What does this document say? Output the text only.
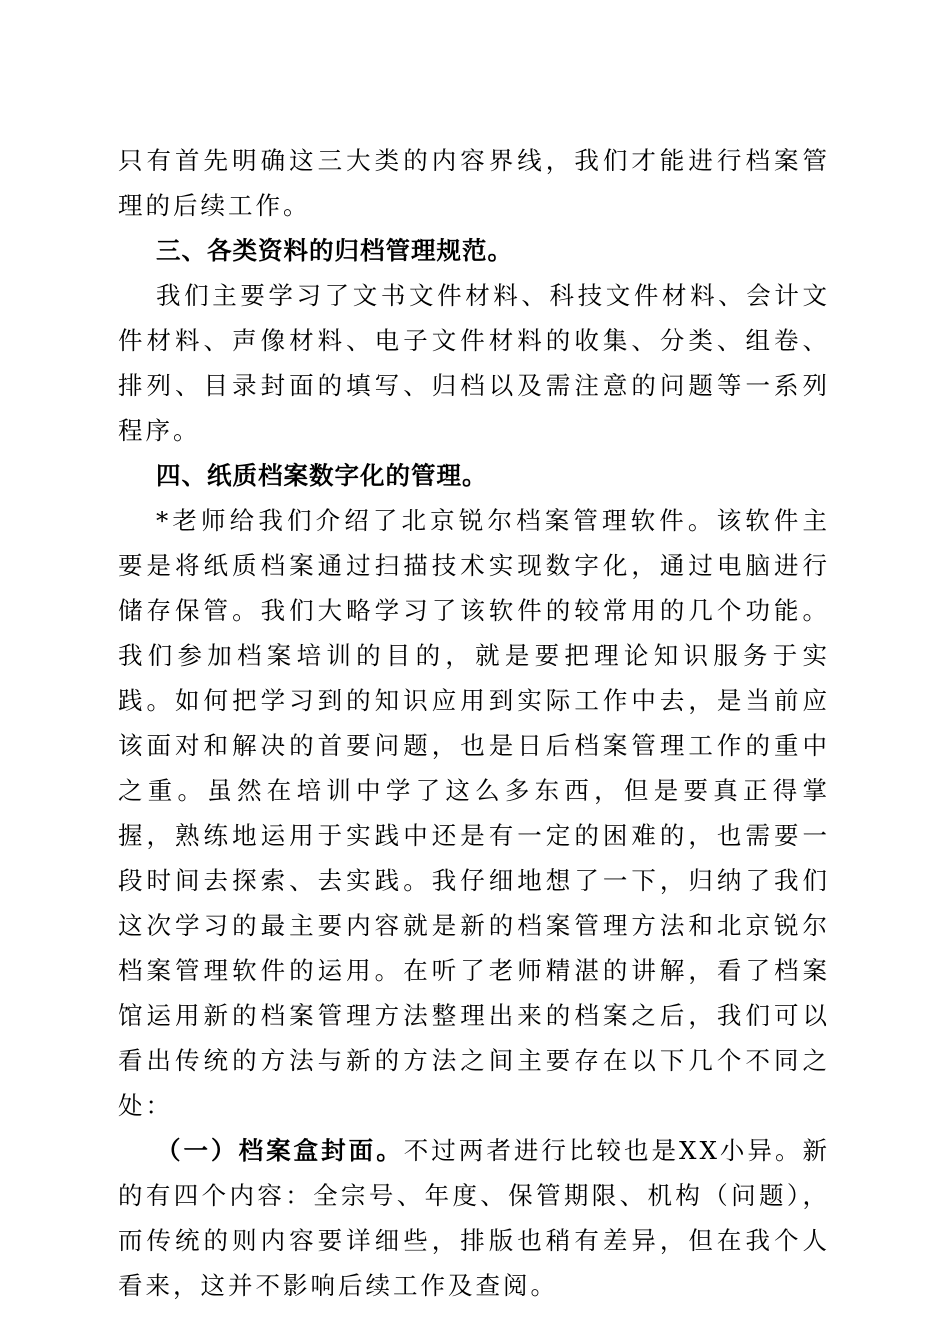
只有首先明确这三大类的内容界线，我们才能进行档案管理的后续工作。

三、各类资料的归档管理规范。

我们主要学习了文书文件材料、科技文件材料、会计文件材料、声像材料、电子文件材料的收集、分类、组卷、排列、目录封面的填写、归档以及需注意的问题等一系列程序。

四、纸质档案数字化的管理。

*老师给我们介绍了北京锐尔档案管理软件。该软件主要是将纸质档案通过扫描技术实现数字化，通过电脑进行储存保管。我们大略学习了该软件的较常用的几个功能。我们参加档案培训的目的，就是要把理论知识服务于实践。如何把学习到的知识应用到实际工作中去，是当前应该面对和解决的首要问题，也是日后档案管理工作的重中之重。虽然在培训中学了这么多东西，但是要真正得掌握，熟练地运用于实践中还是有一定的困难的，也需要一段时间去探索、去实践。我仔细地想了一下，归纳了我们这次学习的最主要内容就是新的档案管理方法和北京锐尔档案管理软件的运用。在听了老师精湛的讲解，看了档案馆运用新的档案管理方法整理出来的档案之后，我们可以看出传统的方法与新的方法之间主要存在以下几个不同之处：

（一）档案盒封面。不过两者进行比较也是XX小异。新的有四个内容：全宗号、年度、保管期限、机构（问题），而传统的则内容要详细些，排版也稍有差异，但在我个人看来，这并不影响后续工作及查阅。
